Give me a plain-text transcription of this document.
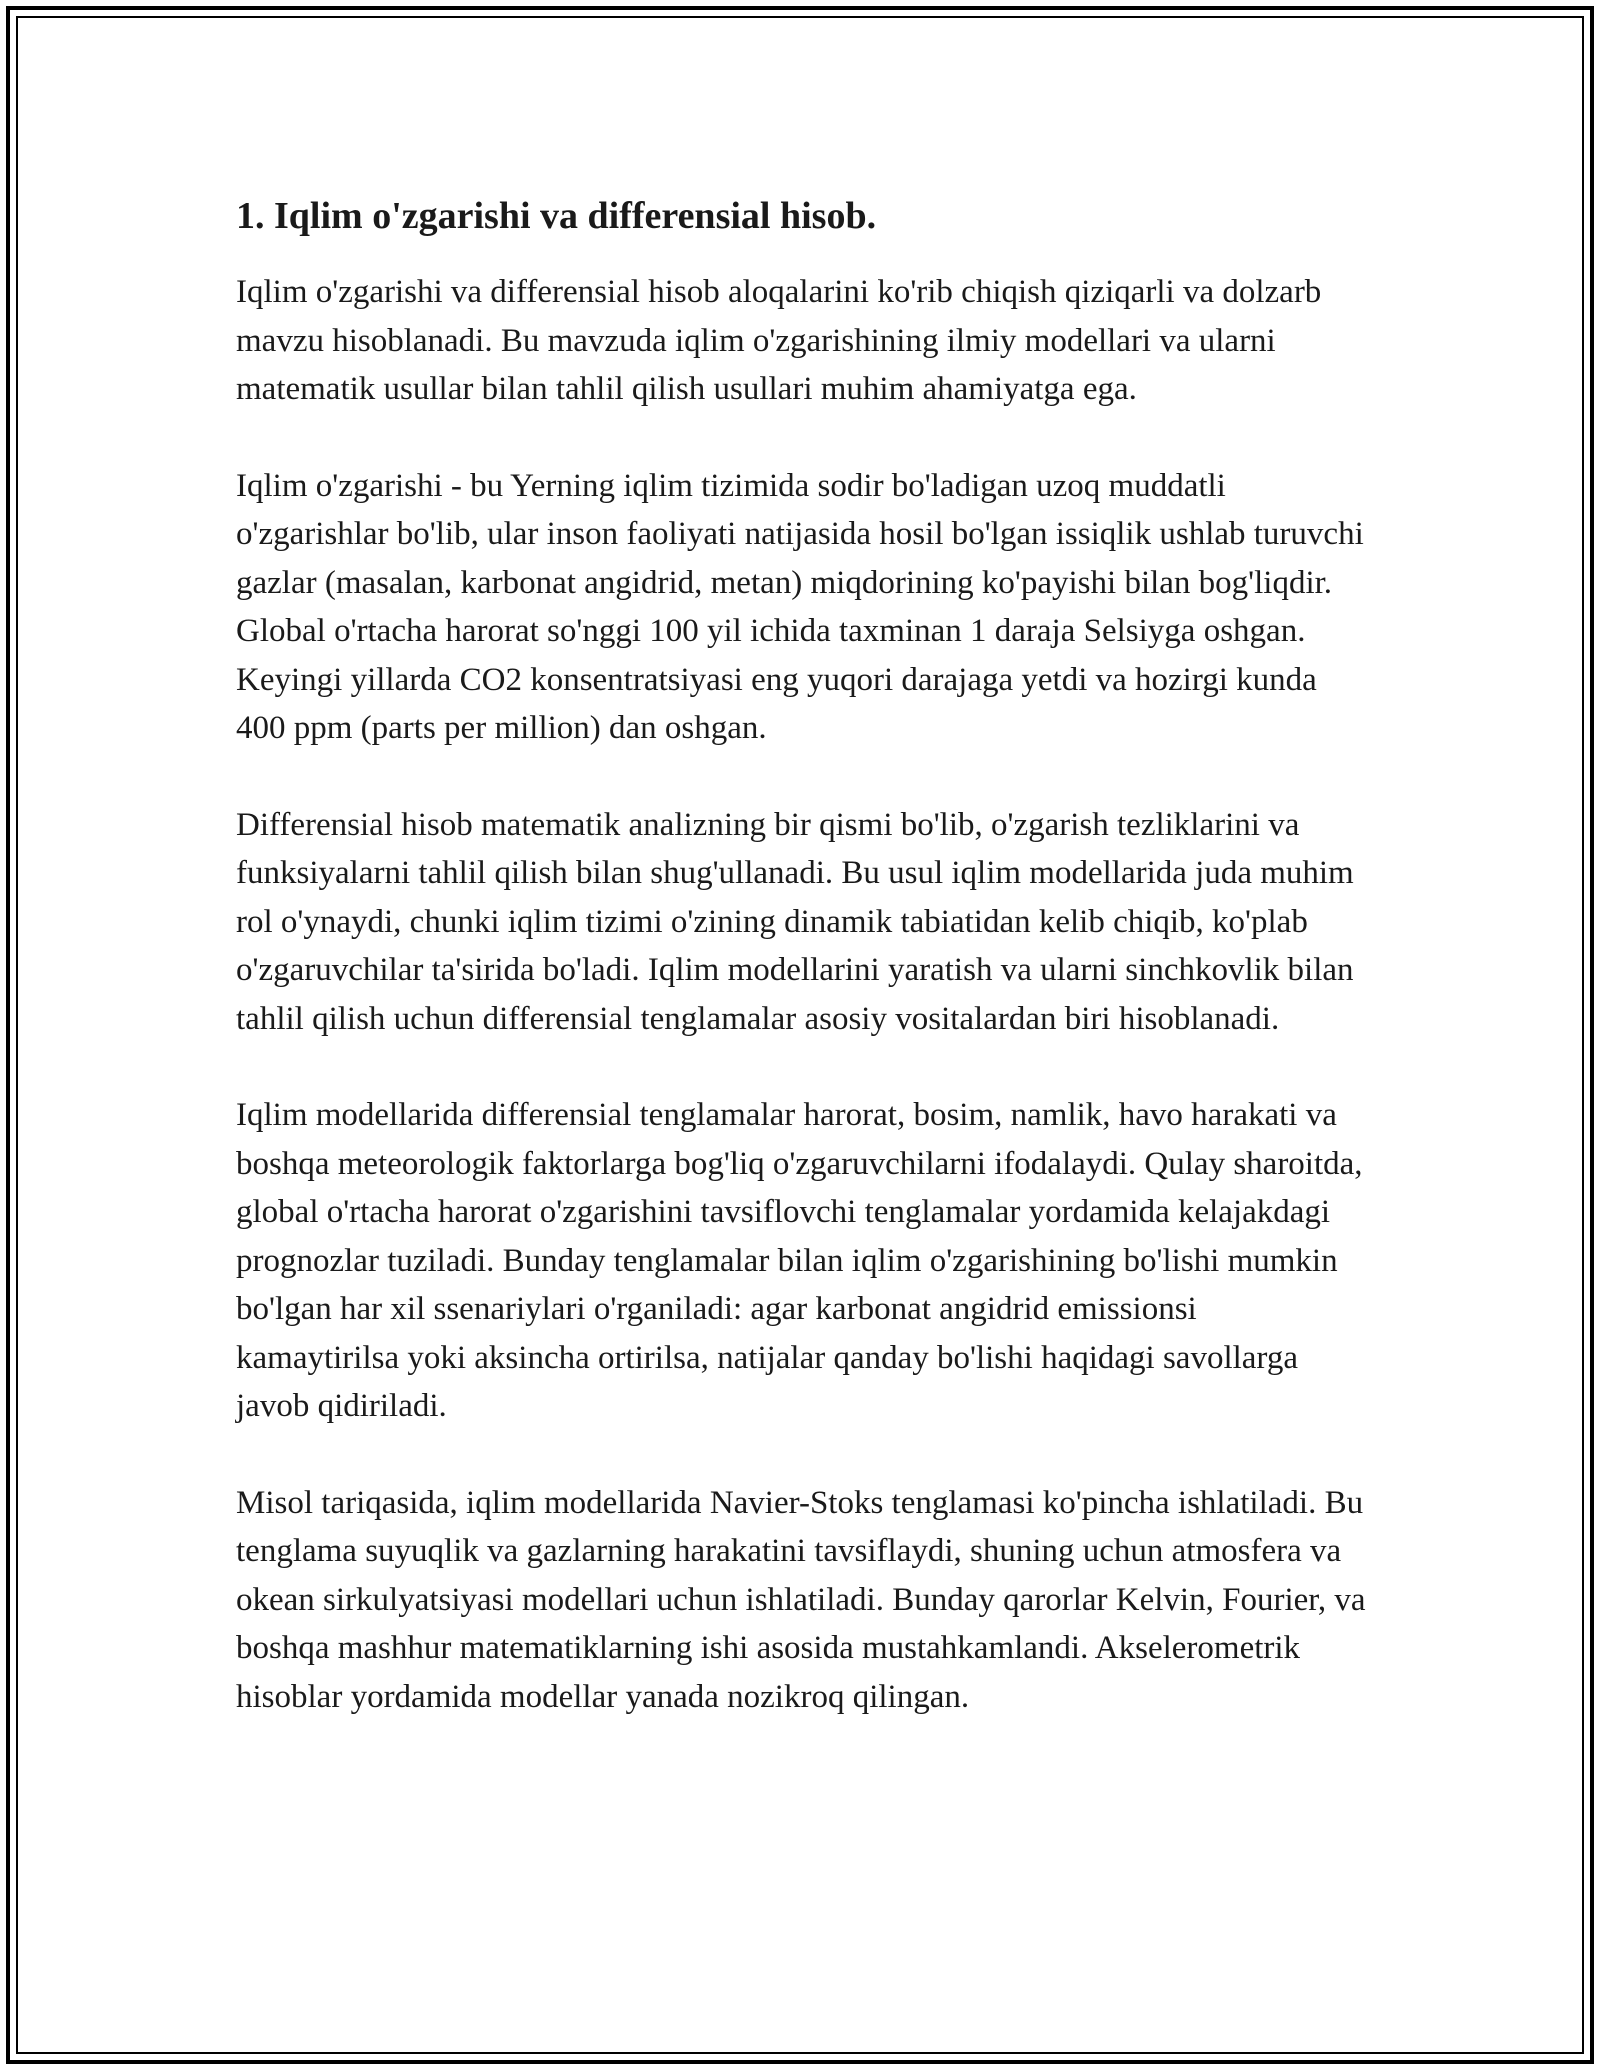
1. Iqlim o'zgarishi va differensial hisob.

Iqlim o'zgarishi va differensial hisob aloqalarini ko'rib chiqish qiziqarli va dolzarb mavzu hisoblanadi. Bu mavzuda iqlim o'zgarishining ilmiy modellari va ularni matematik usullar bilan tahlil qilish usullari muhim ahamiyatga ega.

Iqlim o'zgarishi - bu Yerning iqlim tizimida sodir bo'ladigan uzoq muddatli o'zgarishlar bo'lib, ular inson faoliyati natijasida hosil bo'lgan issiqlik ushlab turuvchi gazlar (masalan, karbonat angidrid, metan) miqdorining ko'payishi bilan bog'liqdir. Global o'rtacha harorat so'nggi 100 yil ichida taxminan 1 daraja Selsiyga oshgan. Keyingi yillarda CO2 konsentratsiyasi eng yuqori darajaga yetdi va hozirgi kunda 400 ppm (parts per million) dan oshgan.

Differensial hisob matematik analizning bir qismi bo'lib, o'zgarish tezliklarini va funksiyalarni tahlil qilish bilan shug'ullanadi. Bu usul iqlim modellarida juda muhim rol o'ynaydi, chunki iqlim tizimi o'zining dinamik tabiatidan kelib chiqib, ko'plab o'zgaruvchilar ta'sirida bo'ladi. Iqlim modellarini yaratish va ularni sinchkovlik bilan tahlil qilish uchun differensial tenglamalar asosiy vositalardan biri hisoblanadi.

Iqlim modellarida differensial tenglamalar harorat, bosim, namlik, havo harakati va boshqa meteorologik faktorlarga bog'liq o'zgaruvchilarni ifodalaydi. Qulay sharoitda, global o'rtacha harorat o'zgarishini tavsiflovchi tenglamalar yordamida kelajakdagi prognozlar tuziladi. Bunday tenglamalar bilan iqlim o'zgarishining bo'lishi mumkin bo'lgan har xil ssenariylari o'rganiladi: agar karbonat angidrid emissionsi kamaytirilsa yoki aksincha ortirilsa, natijalar qanday bo'lishi haqidagi savollarga javob qidiriladi.

Misol tariqasida, iqlim modellarida Navier-Stoks tenglamasi ko'pincha ishlatiladi. Bu tenglama suyuqlik va gazlarning harakatini tavsiflaydi, shuning uchun atmosfera va okean sirkulyatsiyasi modellari uchun ishlatiladi. Bunday qarorlar Kelvin, Fourier, va boshqa mashhur matematiklarning ishi asosida mustahkamlandi. Akselerometrik hisoblar yordamida modellar yanada nozikroq qilingan.
